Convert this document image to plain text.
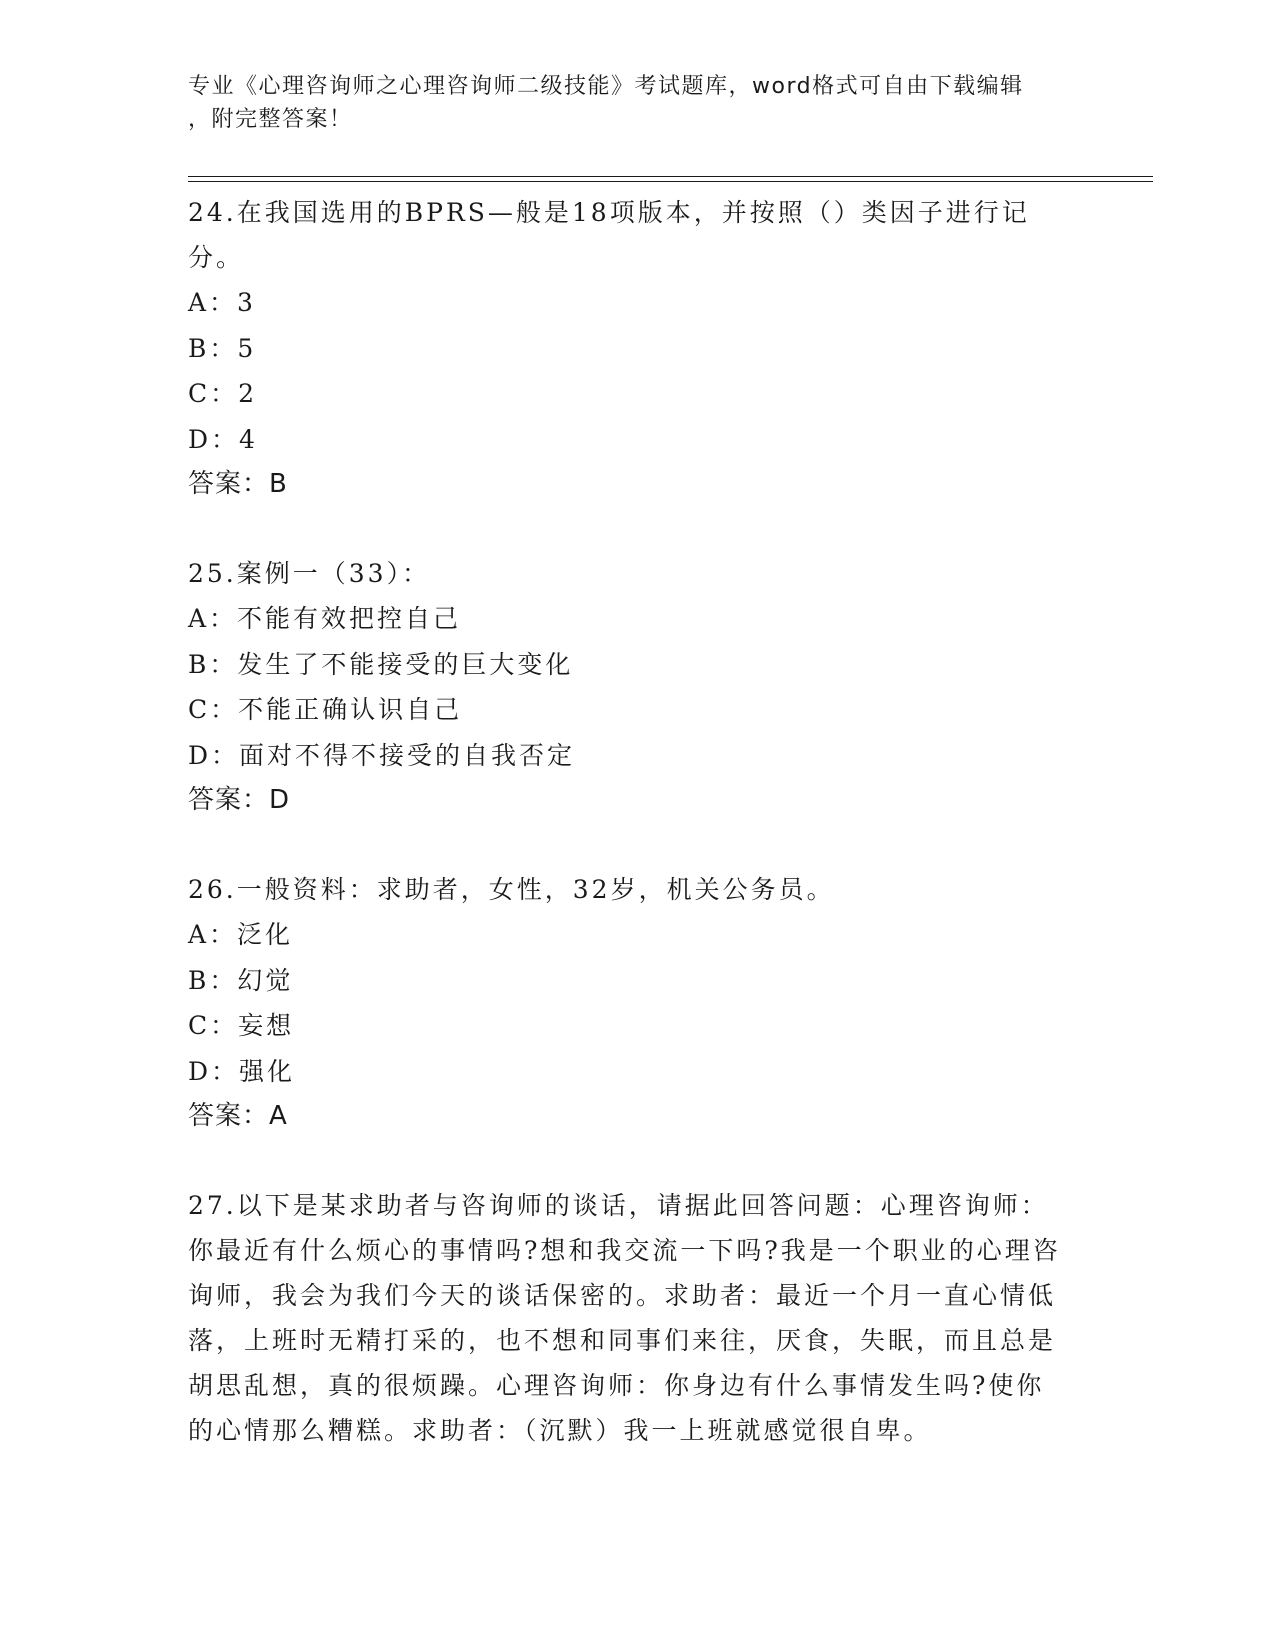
专业《心理咨询师之心理咨询师二级技能》考试题库，word格式可自由下载编辑
，附完整答案！

24.在我国选用的BPRS—般是18项版本，并按照（）类因子进行记分。

A：3

B：5

C：2

D：4

答案：B

25.案例一（33）：

A：不能有效把控自己

B：发生了不能接受的巨大变化

C：不能正确认识自己

D：面对不得不接受的自我否定

答案：D

26.一般资料：求助者，女性，32岁，机关公务员。

A：泛化

B：幻觉

C：妄想

D：强化

答案：A

27.以下是某求助者与咨询师的谈话，请据此回答问题：心理咨询师：你最近有什么烦心的事情吗?想和我交流一下吗?我是一个职业的心理咨询师，我会为我们今天的谈话保密的。求助者：最近一个月一直心情低落，上班时无精打采的，也不想和同事们来往，厌食，失眠，而且总是胡思乱想，真的很烦躁。心理咨询师：你身边有什么事情发生吗?使你的心情那么糟糕。求助者：（沉默）我一上班就感觉很自卑。
